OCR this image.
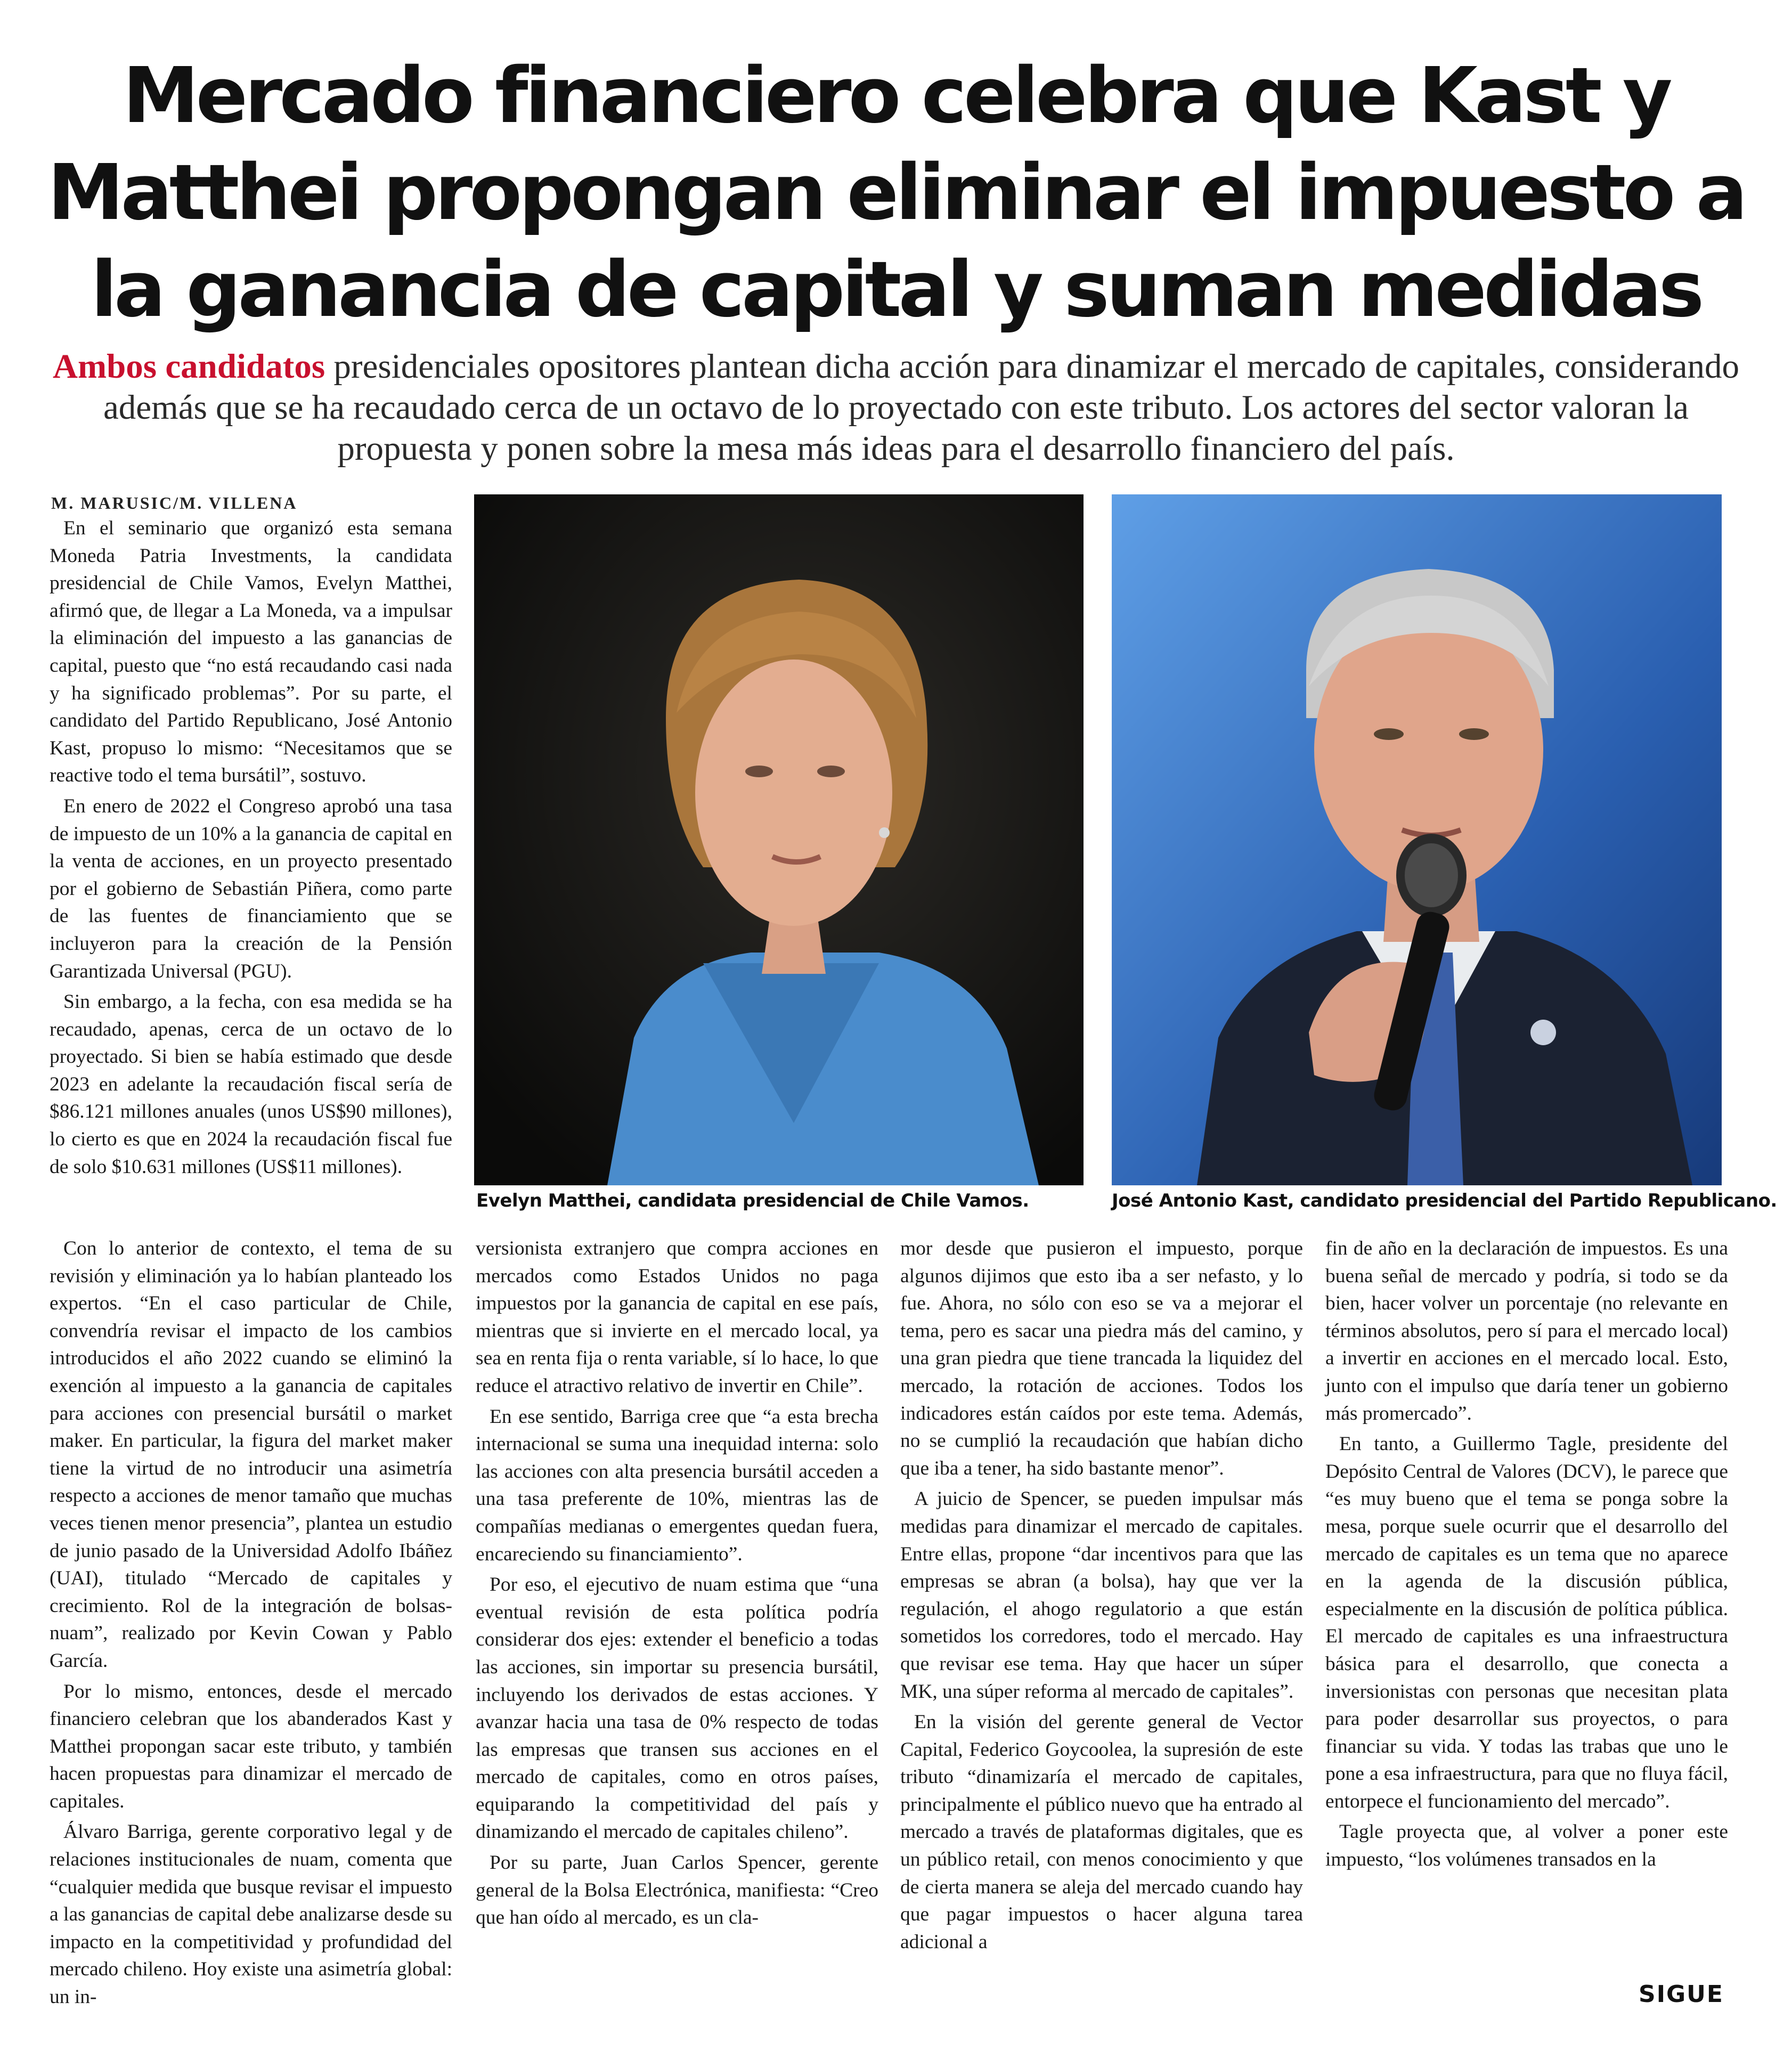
Mercado financiero celebra que Kast y Matthei propongan eliminar el impuesto a la ganancia de capital y suman medidas

Ambos candidatos presidenciales opositores plantean dicha acción para dinamizar el mercado de capitales, considerando además que se ha recaudado cerca de un octavo de lo proyectado con este tributo. Los actores del sector valoran la propuesta y ponen sobre la mesa más ideas para el desarrollo financiero del país.

M. MARUSIC/M. VILLENA

En el seminario que organizó esta semana Moneda Patria Investments, la candidata presidencial de Chile Vamos, Evelyn Matthei, afirmó que, de llegar a La Moneda, va a impulsar la eliminación del impuesto a las ganancias de capital, puesto que “no está recaudando casi nada y ha significado problemas”. Por su parte, el candidato del Partido Republicano, José Antonio Kast, propuso lo mismo: “Necesitamos que se reactive todo el tema bursátil”, sostuvo.

En enero de 2022 el Congreso aprobó una tasa de impuesto de un 10% a la ganancia de capital en la venta de acciones, en un proyecto presentado por el gobierno de Sebastián Piñera, como parte de las fuentes de financiamiento que se incluyeron para la creación de la Pensión Garantizada Universal (PGU).

Sin embargo, a la fecha, con esa medida se ha recaudado, apenas, cerca de un octavo de lo proyectado. Si bien se había estimado que desde 2023 en adelante la recaudación fiscal sería de $86.121 millones anuales (unos US$90 millones), lo cierto es que en 2024 la recaudación fiscal fue de solo $10.631 millones (US$11 millones).

Evelyn Matthei, candidata presidencial de Chile Vamos.	José Antonio Kast, candidato presidencial del Partido Republicano.

Con lo anterior de contexto, el tema de su revisión y eliminación ya lo habían planteado los expertos. “En el caso particular de Chile, convendría revisar el impacto de los cambios introducidos el año 2022 cuando se eliminó la exención al impuesto a la ganancia de capitales para acciones con presencial bursátil o market maker. En particular, la figura del market maker tiene la virtud de no introducir una asimetría respecto a acciones de menor tamaño que muchas veces tienen menor presencia”, plantea un estudio de junio pasado de la Universidad Adolfo Ibáñez (UAI), titulado “Mercado de capitales y crecimiento. Rol de la integración de bolsas-nuam”, realizado por Kevin Cowan y Pablo García.

Por lo mismo, entonces, desde el mercado financiero celebran que los abanderados Kast y Matthei propongan sacar este tributo, y también hacen propuestas para dinamizar el mercado de capitales.

Álvaro Barriga, gerente corporativo legal y de relaciones institucionales de nuam, comenta que “cualquier medida que busque revisar el impuesto a las ganancias de capital debe analizarse desde su impacto en la competitividad y profundidad del mercado chileno. Hoy existe una asimetría global: un in-

versionista extranjero que compra acciones en mercados como Estados Unidos no paga impuestos por la ganancia de capital en ese país, mientras que si invierte en el mercado local, ya sea en renta fija o renta variable, sí lo hace, lo que reduce el atractivo relativo de invertir en Chile”.

En ese sentido, Barriga cree que “a esta brecha internacional se suma una inequidad interna: solo las acciones con alta presencia bursátil acceden a una tasa preferente de 10%, mientras las de compañías medianas o emergentes quedan fuera, encareciendo su financiamiento”.

Por eso, el ejecutivo de nuam estima que “una eventual revisión de esta política podría considerar dos ejes: extender el beneficio a todas las acciones, sin importar su presencia bursátil, incluyendo los derivados de estas acciones. Y avanzar hacia una tasa de 0% respecto de todas las empresas que transen sus acciones en el mercado de capitales, como en otros países, equiparando la competitividad del país y dinamizando el mercado de capitales chileno”.

Por su parte, Juan Carlos Spencer, gerente general de la Bolsa Electrónica, manifiesta: “Creo que han oído al mercado, es un cla-

mor desde que pusieron el impuesto, porque algunos dijimos que esto iba a ser nefasto, y lo fue. Ahora, no sólo con eso se va a mejorar el tema, pero es sacar una piedra más del camino, y una gran piedra que tiene trancada la liquidez del mercado, la rotación de acciones. Todos los indicadores están caídos por este tema. Además, no se cumplió la recaudación que habían dicho que iba a tener, ha sido bastante menor”.

A juicio de Spencer, se pueden impulsar más medidas para dinamizar el mercado de capitales. Entre ellas, propone “dar incentivos para que las empresas se abran (a bolsa), hay que ver la regulación, el ahogo regulatorio a que están sometidos los corredores, todo el mercado. Hay que revisar ese tema. Hay que hacer un súper MK, una súper reforma al mercado de capitales”.

En la visión del gerente general de Vector Capital, Federico Goycoolea, la supresión de este tributo “dinamizaría el mercado de capitales, principalmente el público nuevo que ha entrado al mercado a través de plataformas digitales, que es un público retail, con menos conocimiento y que de cierta manera se aleja del mercado cuando hay que pagar impuestos o hacer alguna tarea adicional a

fin de año en la declaración de impuestos. Es una buena señal de mercado y podría, si todo se da bien, hacer volver un porcentaje (no relevante en términos absolutos, pero sí para el mercado local) a invertir en acciones en el mercado local. Esto, junto con el impulso que daría tener un gobierno más promercado”.

En tanto, a Guillermo Tagle, presidente del Depósito Central de Valores (DCV), le parece que “es muy bueno que el tema se ponga sobre la mesa, porque suele ocurrir que el desarrollo del mercado de capitales es un tema que no aparece en la agenda de la discusión pública, especialmente en la discusión de política pública. El mercado de capitales es una infraestructura básica para el desarrollo, que conecta a inversionistas con personas que necesitan plata para poder desarrollar sus proyectos, o para financiar su vida. Y todas las trabas que uno le pone a esa infraestructura, para que no fluya fácil, entorpece el funcionamiento del mercado”.

Tagle proyecta que, al volver a poner este impuesto, “los volúmenes transados en la

SIGUE
